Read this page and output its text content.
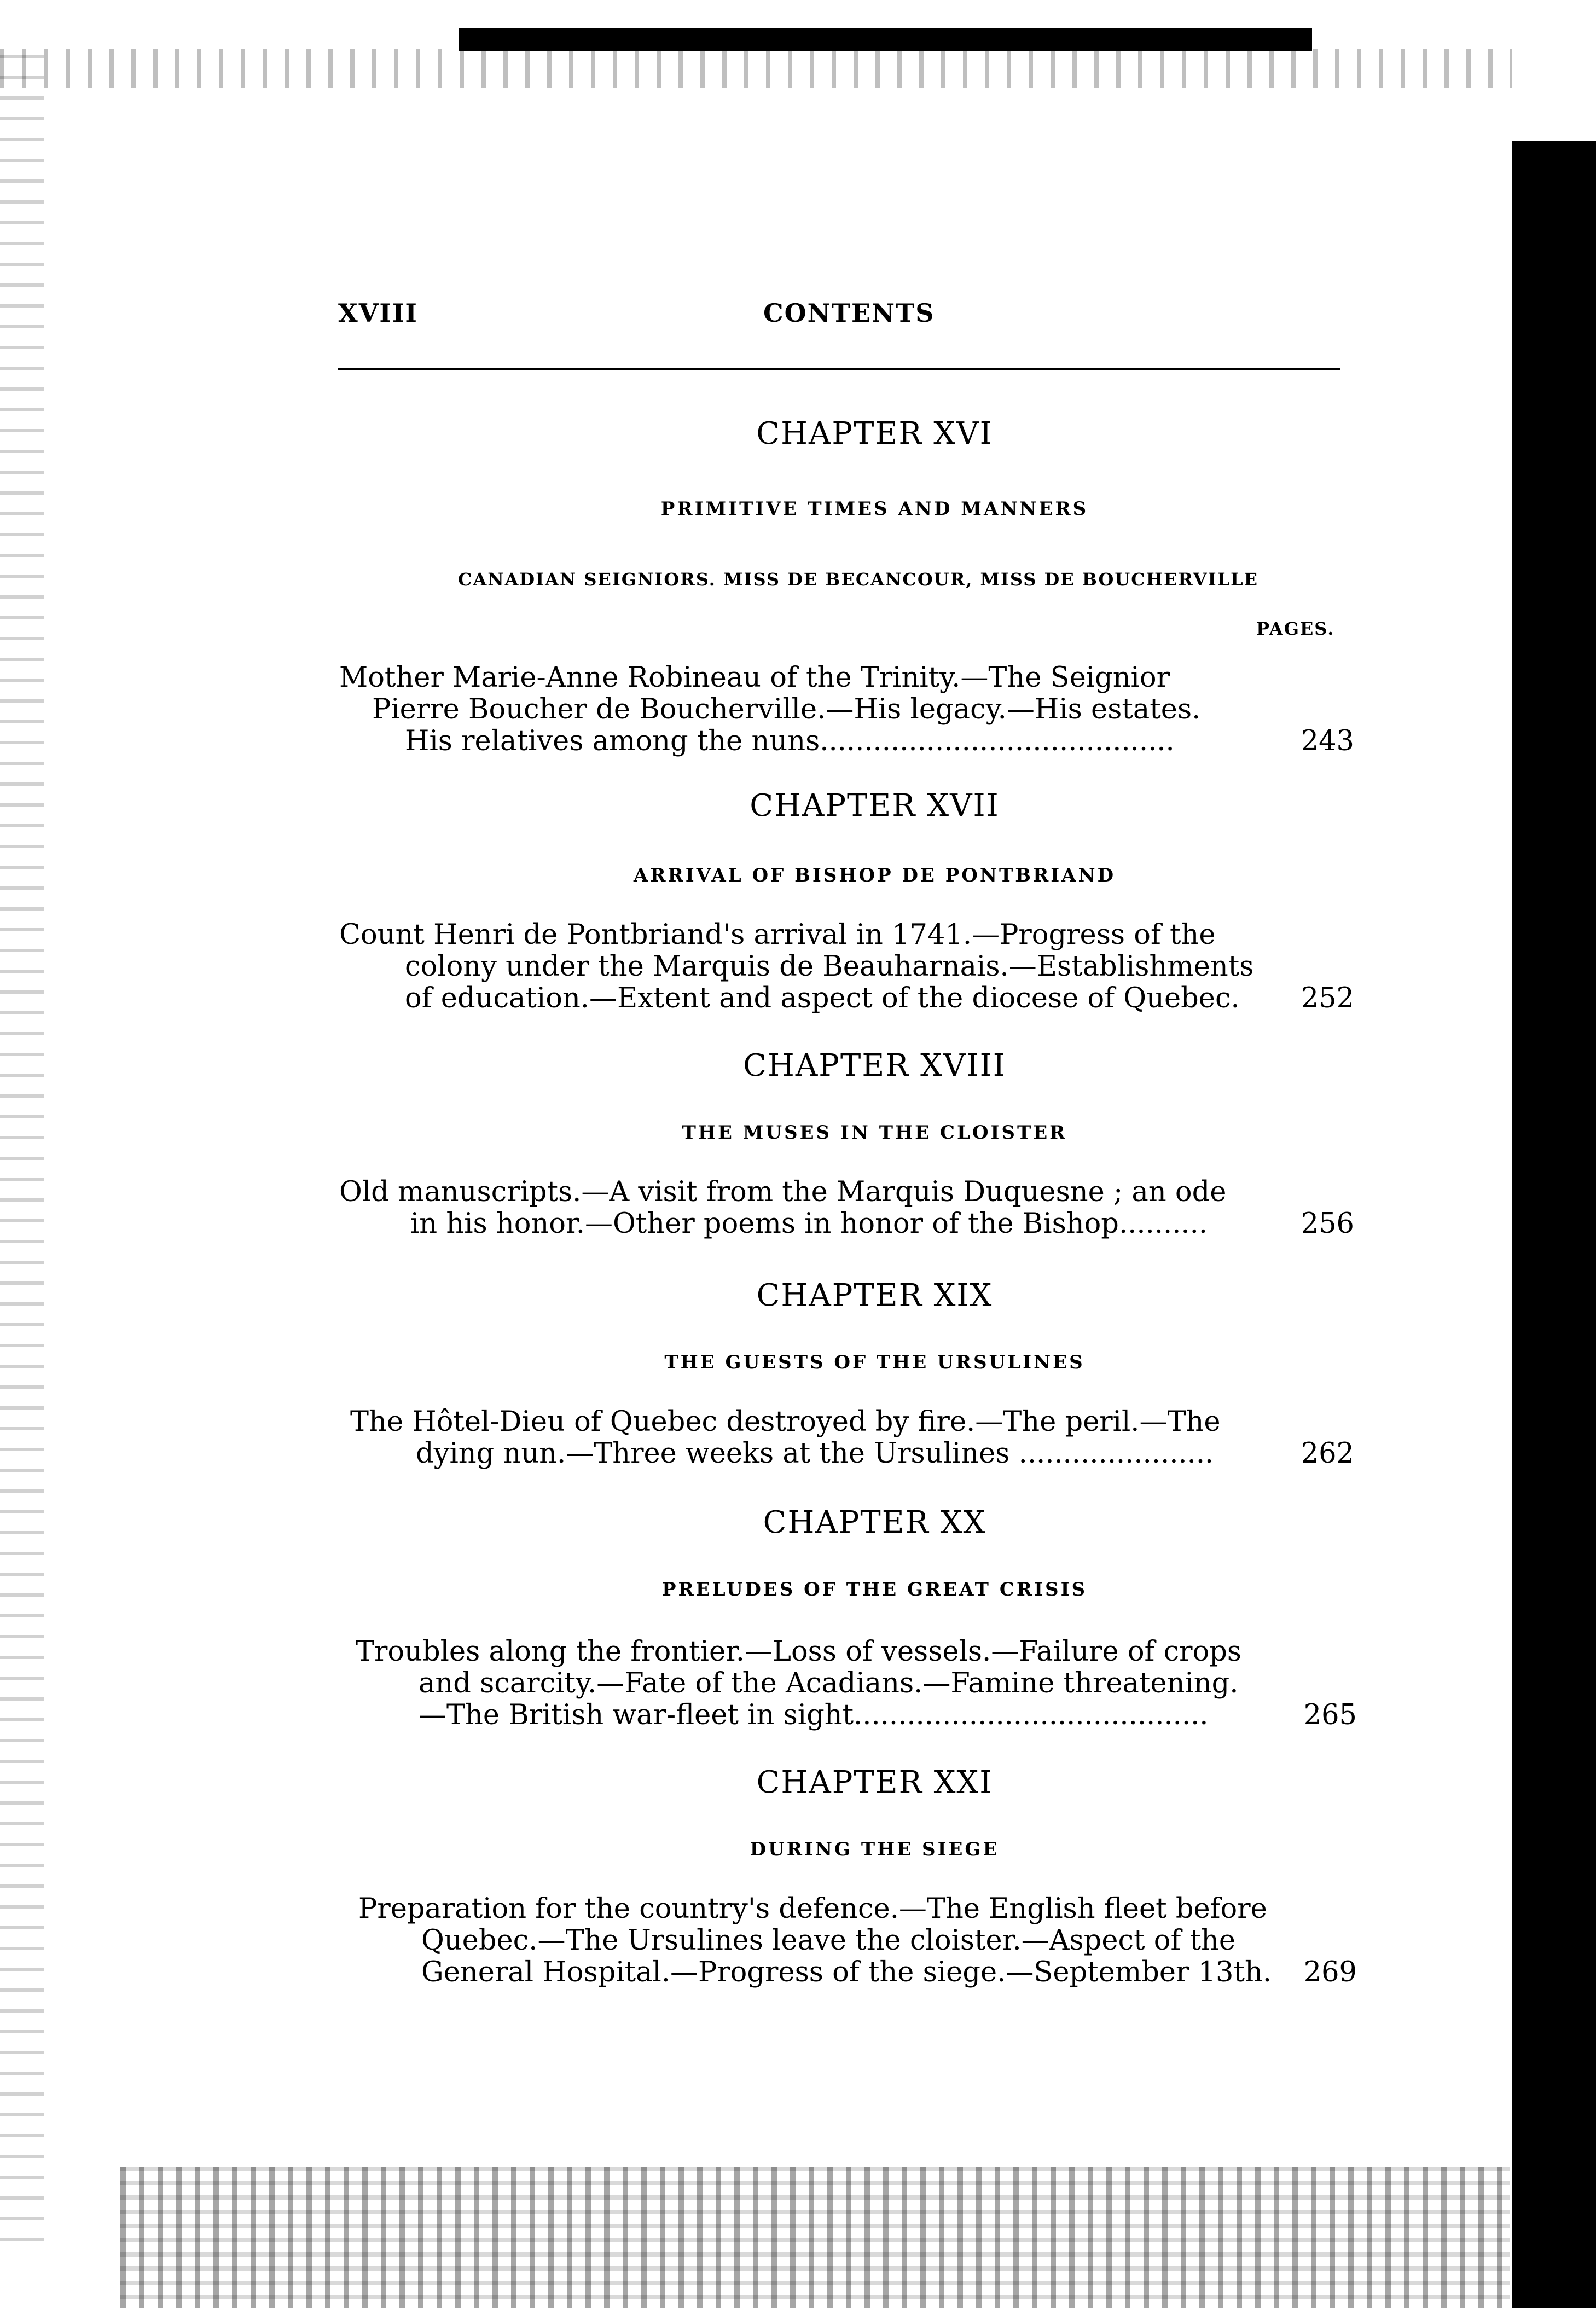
XVIII	CONTENTS
CHAPTER XVI
PRIMITIVE TIMES AND MANNERS
CANADIAN SEIGNIORS. MISS DE BECANCOUR, MISS DE BOUCHERVILLE
PAGES.
Mother Marie-Anne Robineau of the Trinity.—The Seignior
Pierre Boucher de Boucherville.—His legacy.—His estates.
His relatives among the nuns........................................	243
CHAPTER XVII
ARRIVAL OF BISHOP DE PONTBRIAND
Count Henri de Pontbriand's arrival in 1741.—Progress of the
colony under the Marquis de Beauharnais.—Establishments
of education.—Extent and aspect of the diocese of Quebec.	252
CHAPTER XVIII
THE MUSES IN THE CLOISTER
Old manuscripts.—A visit from the Marquis Duquesne ; an ode
in his honor.—Other poems in honor of the Bishop..........	256
CHAPTER XIX
THE GUESTS OF THE URSULINES
The Hôtel-Dieu of Quebec destroyed by fire.—The peril.—The
dying nun.—Three weeks at the Ursulines ......................	262
CHAPTER XX
PRELUDES OF THE GREAT CRISIS
Troubles along the frontier.—Loss of vessels.—Failure of crops
and scarcity.—Fate of the Acadians.—Famine threatening.
—The British war-fleet in sight........................................	265
CHAPTER XXI
DURING THE SIEGE
Preparation for the country's defence.—The English fleet before
Quebec.—The Ursulines leave the cloister.—Aspect of the
General Hospital.—Progress of the siege.—September 13th.	269
